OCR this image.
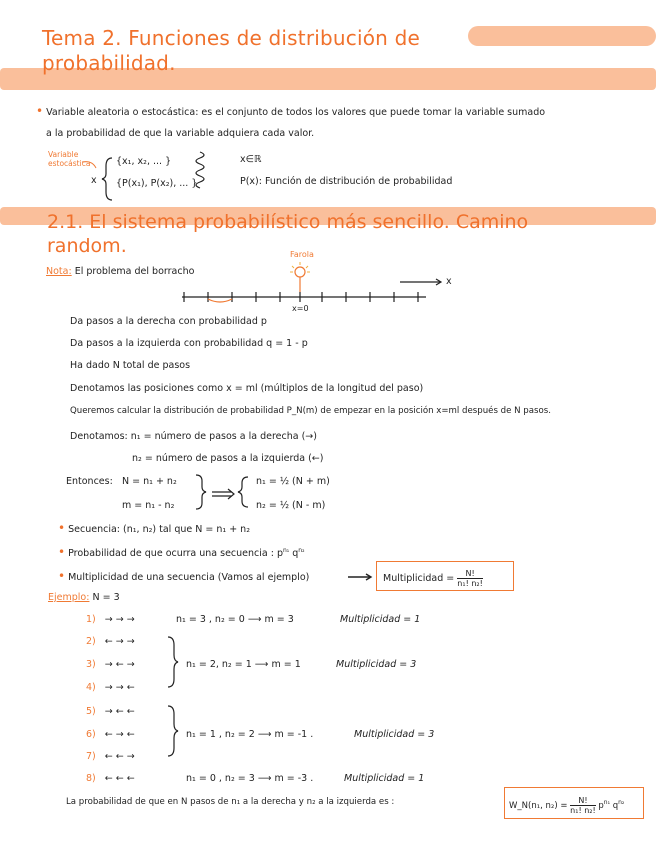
Tema 2. Funciones de distribución de
probabilidad.
• Variable aleatoria o estocástica: es el conjunto de todos los valores que puede tomar la variable sumado
a la probabilidad de que la variable adquiera cada valor.
Variable
estocástica
x
{x₁, x₂, ... }
{P(x₁), P(x₂), ... }
x∈ℝ
P(x): Función de distribución de probabilidad
2.1. El sistema probabilístico más sencillo. Camino
random.
Nota: El problema del borracho
Farola
x=0
x
Da pasos a la derecha con probabilidad p
Da pasos a la izquierda con probabilidad q = 1 - p
Ha dado N total de pasos
Denotamos las posiciones como x = ml (múltiplos de la longitud del paso)
Queremos calcular la distribución de probabilidad P_N(m) de empezar en la posición x=ml después de N pasos.
Denotamos: n₁ = número de pasos a la derecha (→)
n₂ = número de pasos a la izquierda (←)
Entonces: N = n₁ + n₂
m = n₁ - n₂
n₁ = ½ (N + m)
n₂ = ½ (N - m)
• Secuencia: (n₁, n₂) tal que N = n₁ + n₂
• Probabilidad de que ocurra una secuencia : $p^{n_1}$ $q^{n_2}$
• Multiplicidad de una secuencia (Vamos al ejemplo)	Multiplicidad = $\frac{N!}{\text{n₁! n₂!}}$
Ejemplo: N = 3
1) → → →	n₁ = 3 , n₂ = 0 ⟶ m = 3	Multiplicidad = 1
2) ← → →
3) → ← →
4) → → ←
n₁ = 2, n₂ = 1 ⟶ m = 1	Multiplicidad = 3
5) → ← ←
6) ← → ←
7) ← ← →
n₁ = 1 , n₂ = 2 ⟶ m = -1 .	Multiplicidad = 3
8) ← ← ←	n₁ = 0 , n₂ = 3 ⟶ m = -3 .	Multiplicidad = 1
La probabilidad de que en N pasos de n₁ a la derecha y n₂ a la izquierda es :	W_N(n₁, $n_2) = \frac{N!}{\text{n₁! n₂!}} p^{n_1}$ $q^{n_2}$
